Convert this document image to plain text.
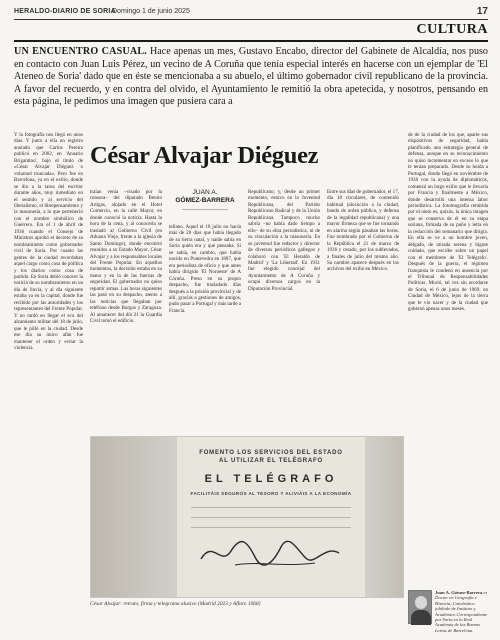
HERALDO-DIARIO DE SORIA
Domingo 1 de junio 2025	17
CULTURA
UN ENCUENTRO CASUAL. Hace apenas un mes, Gustavo Encabo, director del Gabinete de Alcaldía, nos puso en contacto con Juan Luis Pérez, un vecino de A Coruña que tenía especial interés en hacerse con un ejemplar de 'El Ateneo de Soria' dado que en éste se mencionaba a su abuelo, el último gobernador civil republicano de la provincia. A favor del recuerdo, y en contra del olvido, el Ayuntamiento le remitió la obra apetecida, y nosotros, pensando en esta página, le pedimos una imagen que pusiera cara a
Y la fotografía nos llegó en unos días. Y junto a ella un registro anotado que Carlos Pereira publicó en 2002, en 'Anuario Brigantino', bajo el título de «César Alvajar Diéguez o voluntad truncada». Pero fue en Barcelona, ya en el exilio, donde se dio a la tarea del escritor durante años, muy inmediato en el sentido y al servicio del liberalismo, el librepensamiento y la masonería, a la que perteneció con el nombre simbólico de Guerrero. Era el 1 de abril de 1936 cuando el Consejo de Ministros aprobó el decreto de su nombramiento como gobernador civil de Soria. Por cuanto las gentes de la ciudad recordaban aquel cargo como cosa de política y los diarios como cosa de partido. En Soria debió conocer la noticia de su nombramiento en un día de lluvia, y al día siguiente estaba ya en la capital, donde fue recibido por las autoridades y los representantes del Frente Popular. Y no tardó en llegar el eco del alzamiento militar del 18 de julio, que le pilló en la ciudad. Desde ese día su único afán fue mantener el orden y evitar la violencia.
César Alvajar Diéguez
traían venía –visado por la censura– del diputado Benito Artigas, alojado en el Hotel Comercio, en la calle Mayor, en donde conoció la noticia. Hasta la hora de la cena, y al conocerla se trasladó al Gobierno Civil (en Aduana Vieja, frente a la iglesia de Santo Domingo), donde encontró reunidos a su Estado Mayor. César Alvajar y a los responsables locales del Frente Popular. En aquellos momentos, la decisión estaba en su mano y en la de las fuerzas de seguridad. El gobernador no quiso repartir armas. Las horas siguientes las pasó en su despacho, atento a las noticias que llegaban por teléfono desde Burgos y Zaragoza. Al amanecer del día 21 la Guardia Civil tomó el edificio.
JUAN A.
GÓMEZ-BARRERA
tellano. Aquel el 18 julio no hacía más de 20 días que había llegado de su tierra natal, y nadie sabía en Soria quién era y qué pensaba. Sí se sabía, en cambio, que había nacido en Pontevedra en 1887, que era periodista de oficio y que antes había dirigido 'El Noroeste' de A Coruña. Preso en su propio despacho, fue trasladado días después a la prisión provincial y de allí, gracias a gestiones de amigos, pudo pasar a Portugal y más tarde a Francia.
Republicano; y, desde un primer momento, estuvo en la Juventud Republicana, del Partido Republicano Radical y de la Unión Republicana. Tampoco mucho sabría –no había dado tiempo a ello– de su obra periodística, ni de su vinculación a la masonería. En su juventud fue redactor y director de diversos periódicos gallegos y colaboró con 'El Heraldo de Madrid' y 'La Libertad'. En 1931 fue elegido concejal del Ayuntamiento de A Coruña y ocupó diversos cargos en la Diputación Provincial.
Entre sus días de gobernador, el 17, día 18 circulares, de contenido habitual (alocución a la ciudad, bando de orden público, y defensa de la legalidad republicana) y una mayor firmeza que se fue tornando en alarma según pasaban las horas. Fue nombrado por el Gobierno de la República el 21 de marzo de 1936 y cesado, por los sublevados, a finales de julio del mismo año. Su nombre aparece después en los archivos del exilio en México.
de de la ciudad de los que, aparte sus dispositivos de seguridad, había planificado una estrategia general de defensa, aunque en su reconocimiento no quiso incrementar en exceso lo que le tenían preparado. Desde su huida a Portugal, donde llegó en noviembre de 1936 con la ayuda de diplomáticos, comenzó un largo exilio que le llevaría por Francia y finalmente a México, donde desarrolló una intensa labor periodística. La fotomografía remitida por el nieto es, quizás, la única imagen que se conserva de él en su etapa soriana, firmada de su puño y letra en la redacción del semanario que dirigía. En ella se ve a un hombre joven, delgado, de mirada serena y bigote cuidado, que escribe sobre un papel con el membrete de 'El Telégrafo'. Después de la guerra, el régimen franquista le condenó en ausencia por el Tribunal de Responsabilidades Políticas. Murió, tal vez sin acordarse de Soria, el 6 de junio de 1969, en Ciudad de México, lejos de la tierra que le vio nacer y de la ciudad que gobernó apenas unos meses.
FOMENTO LOS SERVICIOS DEL ESTADO
AL UTILIZAR EL TELÉGRAFO
EL TELÉGRAFO
FACILITÁIS SEGUROS AL TESORO Y ALIVIÁIS A LA ECONOMÍA
César Alvajar: retrato, firma y telegrama alusivo (Madrid 2023 y Alfaro 1968)
Juan A. Gómez-Barrera es Doctor en Geografía e Historia, Catedrático jubilado de Instituto y Académico Correspondiente por Soria en la Real Academia de las Buenas Letras de Barcelona.
